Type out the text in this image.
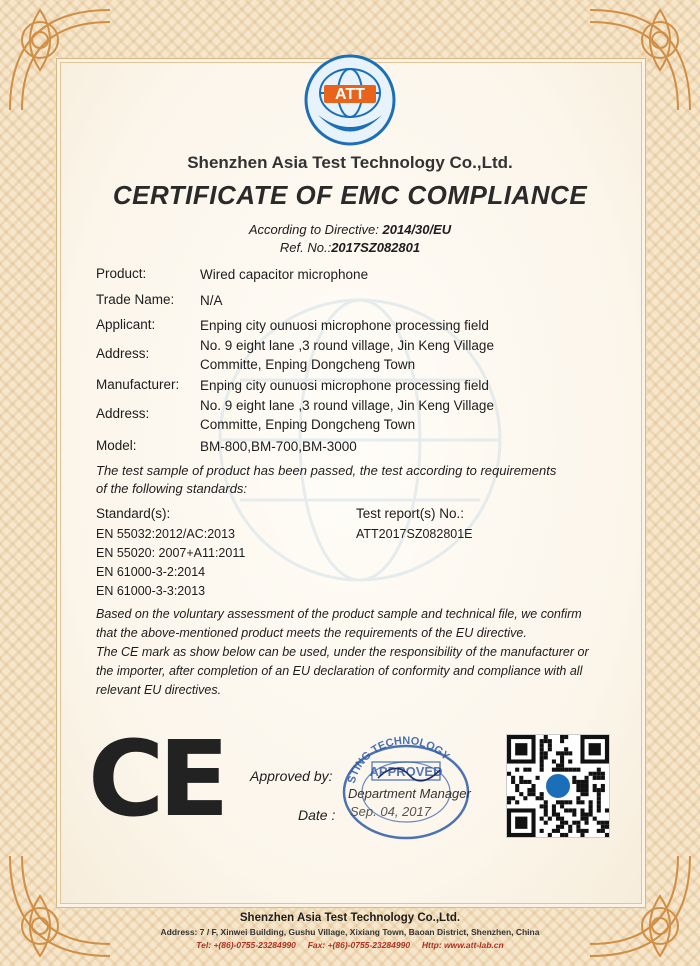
ATT
Shenzhen Asia Test Technology Co.,Ltd.
CERTIFICATE OF EMC COMPLIANCE
According to Directive: 2014/30/EU
Ref. No.:2017SZ082801
Product:	Wired capacitor microphone
Trade Name: N/A
Applicant:	Enping city ounuosi microphone processing field
Address:
No. 9 eight lane ,3 round village, Jin Keng Village
Committe, Enping Dongcheng Town
Manufacturer: Enping city ounuosi microphone processing field
Address:
No. 9 eight lane ,3 round village, Jin Keng Village
Committe, Enping Dongcheng Town
Model:	BM-800,BM-700,BM-3000
The test sample of product has been passed, the test according to requirements
of the following standards:
Standard(s):	Test report(s) No.:
EN 55032:2012/AC:2013	ATT2017SZ082801E
EN 55020: 2007+A11:2011
EN 61000-3-2:2014
EN 61000-3-3:2013
Based on the voluntary assessment of the product sample and technical file, we confirm
that the above-mentioned product meets the requirements of the EU directive.
The CE mark as show below can be used, under the responsibility of the manufacturer or
the importer, after completion of an EU declaration of conformity and compliance with all
relevant EU directives.
CE Approved by:
Date :
STING TECHNOLOGY
APPROVED
Department Manager
Sep. 04, 2017
Shenzhen Asia Test Technology Co.,Ltd.
Address: 7 / F, Xinwei Building, Gushu Village, Xixiang Town, Baoan District, Shenzhen, China
Tel: +(86)-0755-23284990 Fax: +(86)-0755-23284990 Http: www.att-lab.cn
